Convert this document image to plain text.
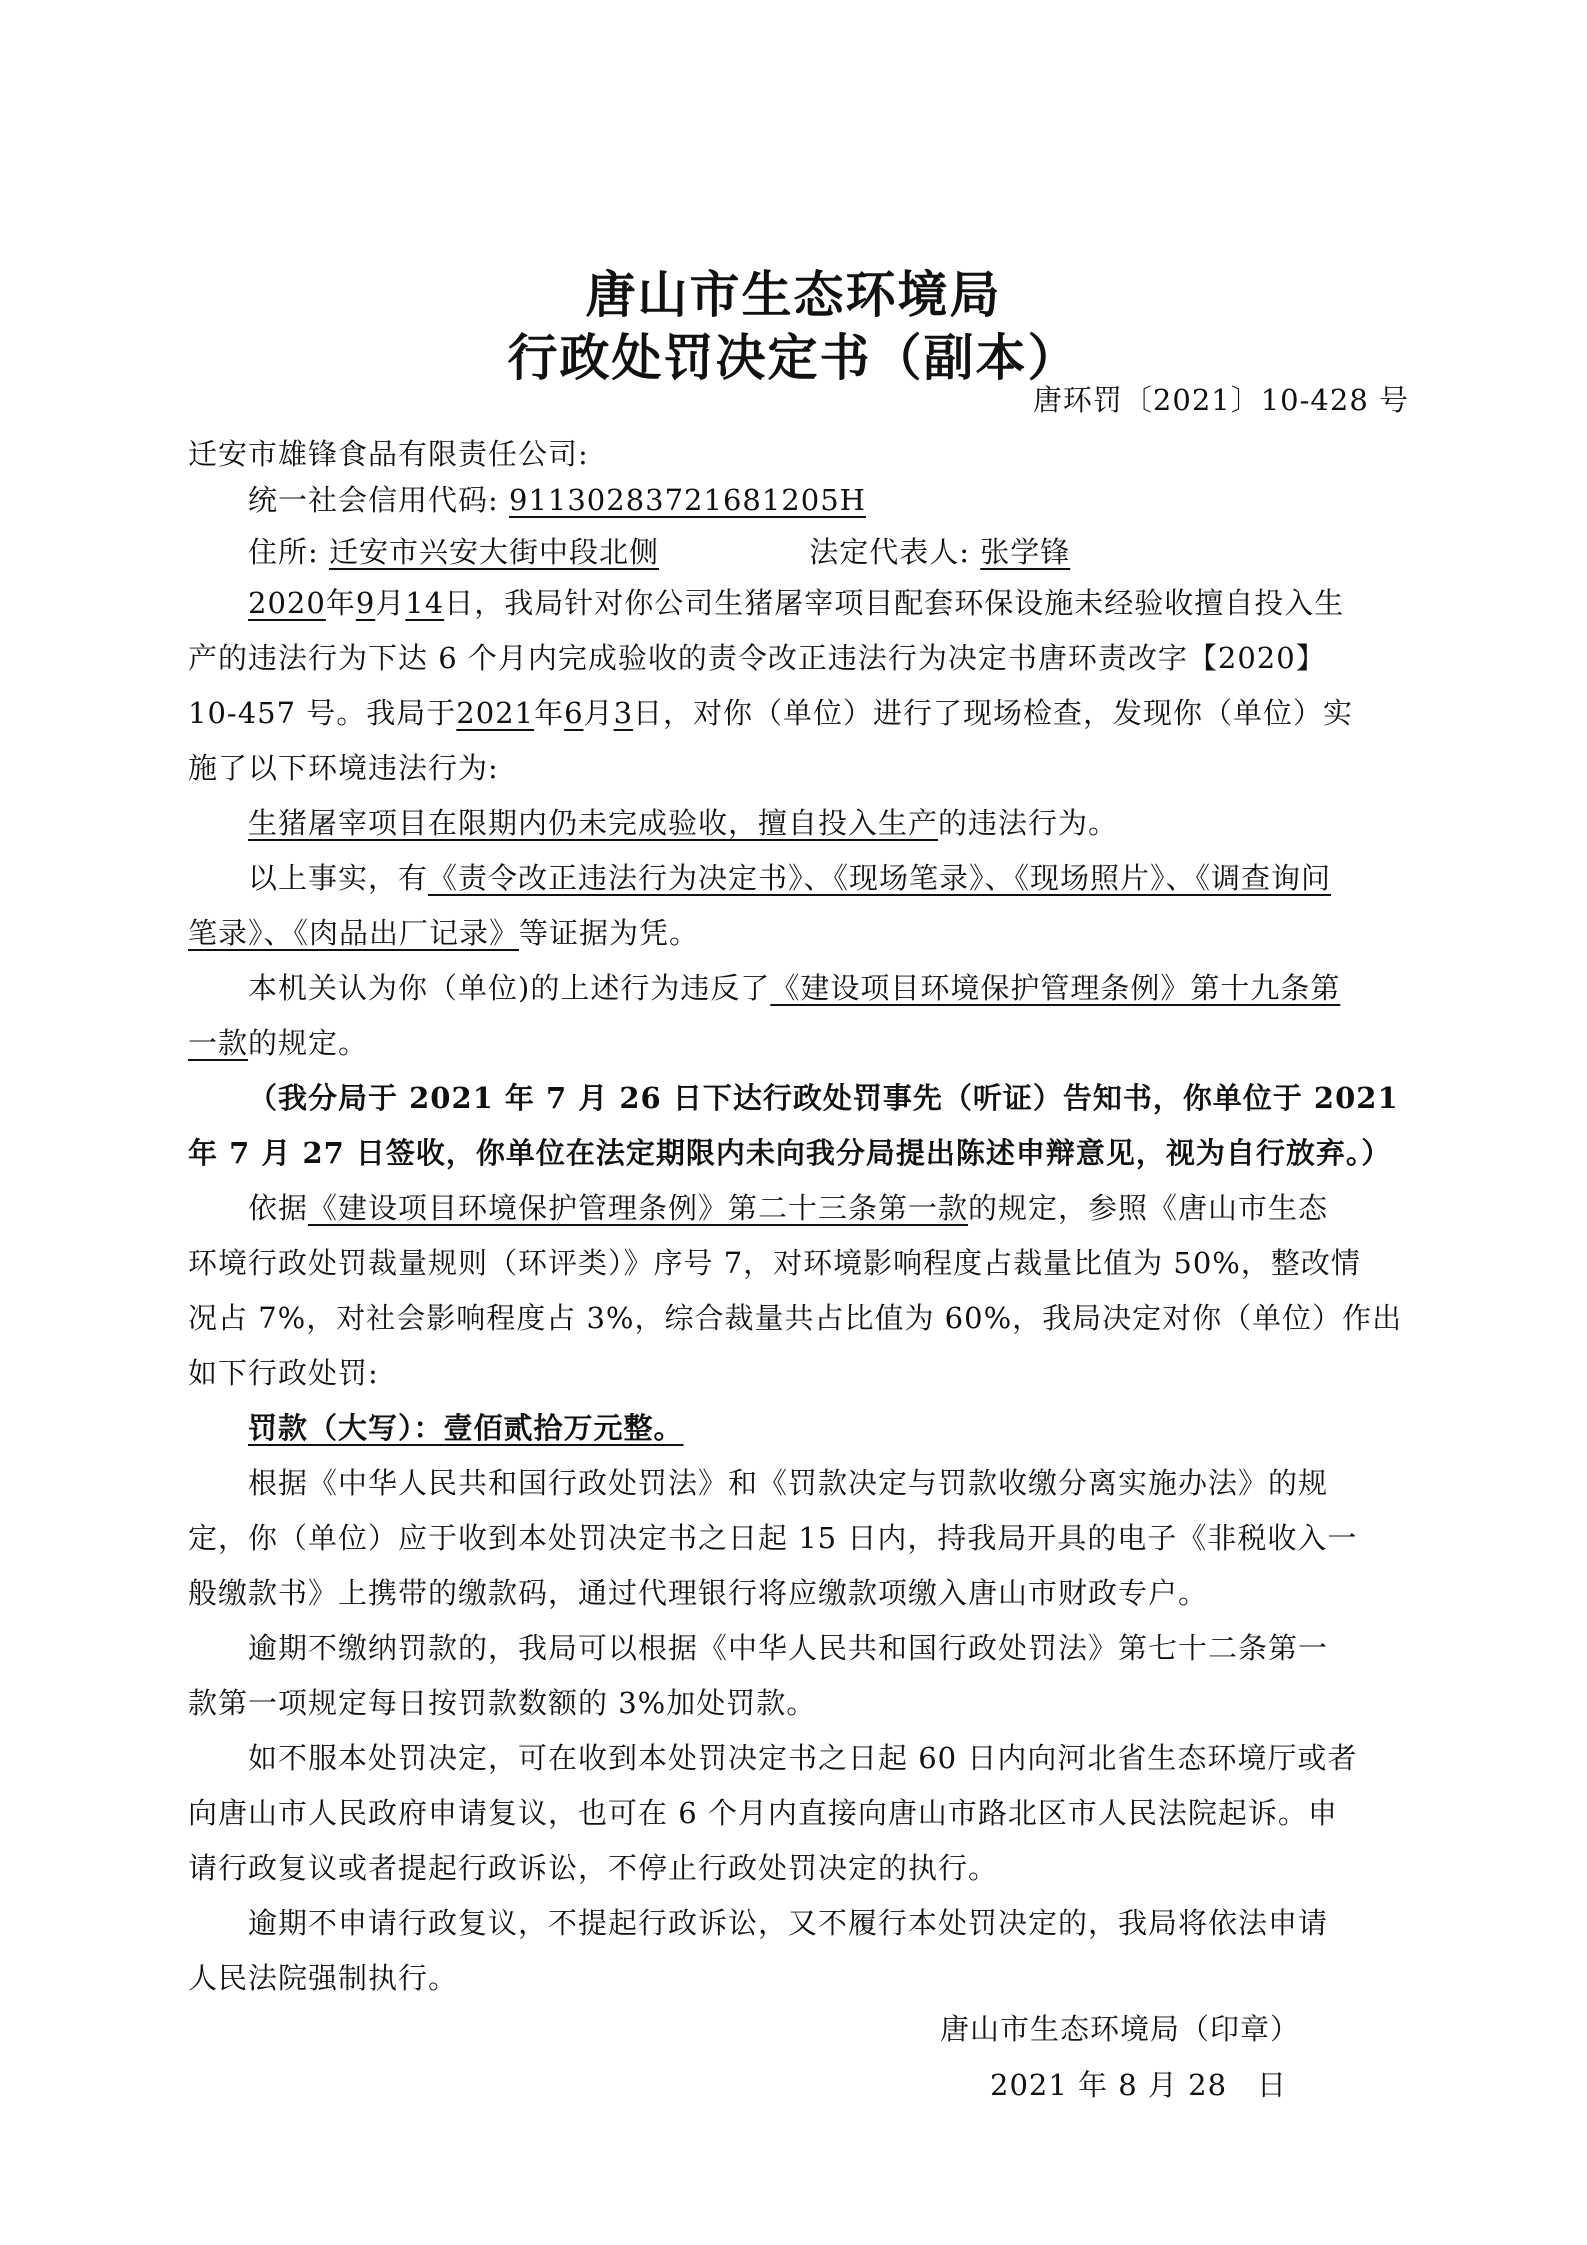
唐山市生态环境局
行政处罚决定书（副本）
唐环罚〔2021〕10-428 号
迁安市雄锋食品有限责任公司:
统一社会信用代码: 91130283721681205H
住所: 迁安市兴安大街中段北侧	法定代表人: 张学锋
2020年9月14日，我局针对你公司生猪屠宰项目配套环保设施未经验收擅自投入生
产的违法行为下达 6 个月内完成验收的责令改正违法行为决定书唐环责改字【2020】
10-457 号。我局于2021年6月3日，对你（单位）进行了现场检查，发现你（单位）实
施了以下环境违法行为:
生猪屠宰项目在限期内仍未完成验收，擅自投入生产的违法行为。
以上事实，有《责令改正违法行为决定书》、《现场笔录》、《现场照片》、《调查询问
笔录》、《肉品出厂记录》等证据为凭。
本机关认为你（单位)的上述行为违反了《建设项目环境保护管理条例》第十九条第
一款的规定。
（我分局于 2021 年 7 月 26 日下达行政处罚事先（听证）告知书，你单位于 2021
年 7 月 27 日签收，你单位在法定期限内未向我分局提出陈述申辩意见，视为自行放弃。）
依据《建设项目环境保护管理条例》第二十三条第一款的规定，参照《唐山市生态
环境行政处罚裁量规则（环评类）》序号 7，对环境影响程度占裁量比值为 50%，整改情
况占 7%，对社会影响程度占 3%，综合裁量共占比值为 60%，我局决定对你（单位）作出
如下行政处罚:
罚款（大写）：壹佰贰拾万元整。
根据《中华人民共和国行政处罚法》和《罚款决定与罚款收缴分离实施办法》的规
定，你（单位）应于收到本处罚决定书之日起 15 日内，持我局开具的电子《非税收入一
般缴款书》上携带的缴款码，通过代理银行将应缴款项缴入唐山市财政专户。
逾期不缴纳罚款的，我局可以根据《中华人民共和国行政处罚法》第七十二条第一
款第一项规定每日按罚款数额的 3%加处罚款。
如不服本处罚决定，可在收到本处罚决定书之日起 60 日内向河北省生态环境厅或者
向唐山市人民政府申请复议，也可在 6 个月内直接向唐山市路北区市人民法院起诉。申
请行政复议或者提起行政诉讼，不停止行政处罚决定的执行。
逾期不申请行政复议，不提起行政诉讼，又不履行本处罚决定的，我局将依法申请
人民法院强制执行。
唐山市生态环境局（印章）
2021 年 8 月 28　日
